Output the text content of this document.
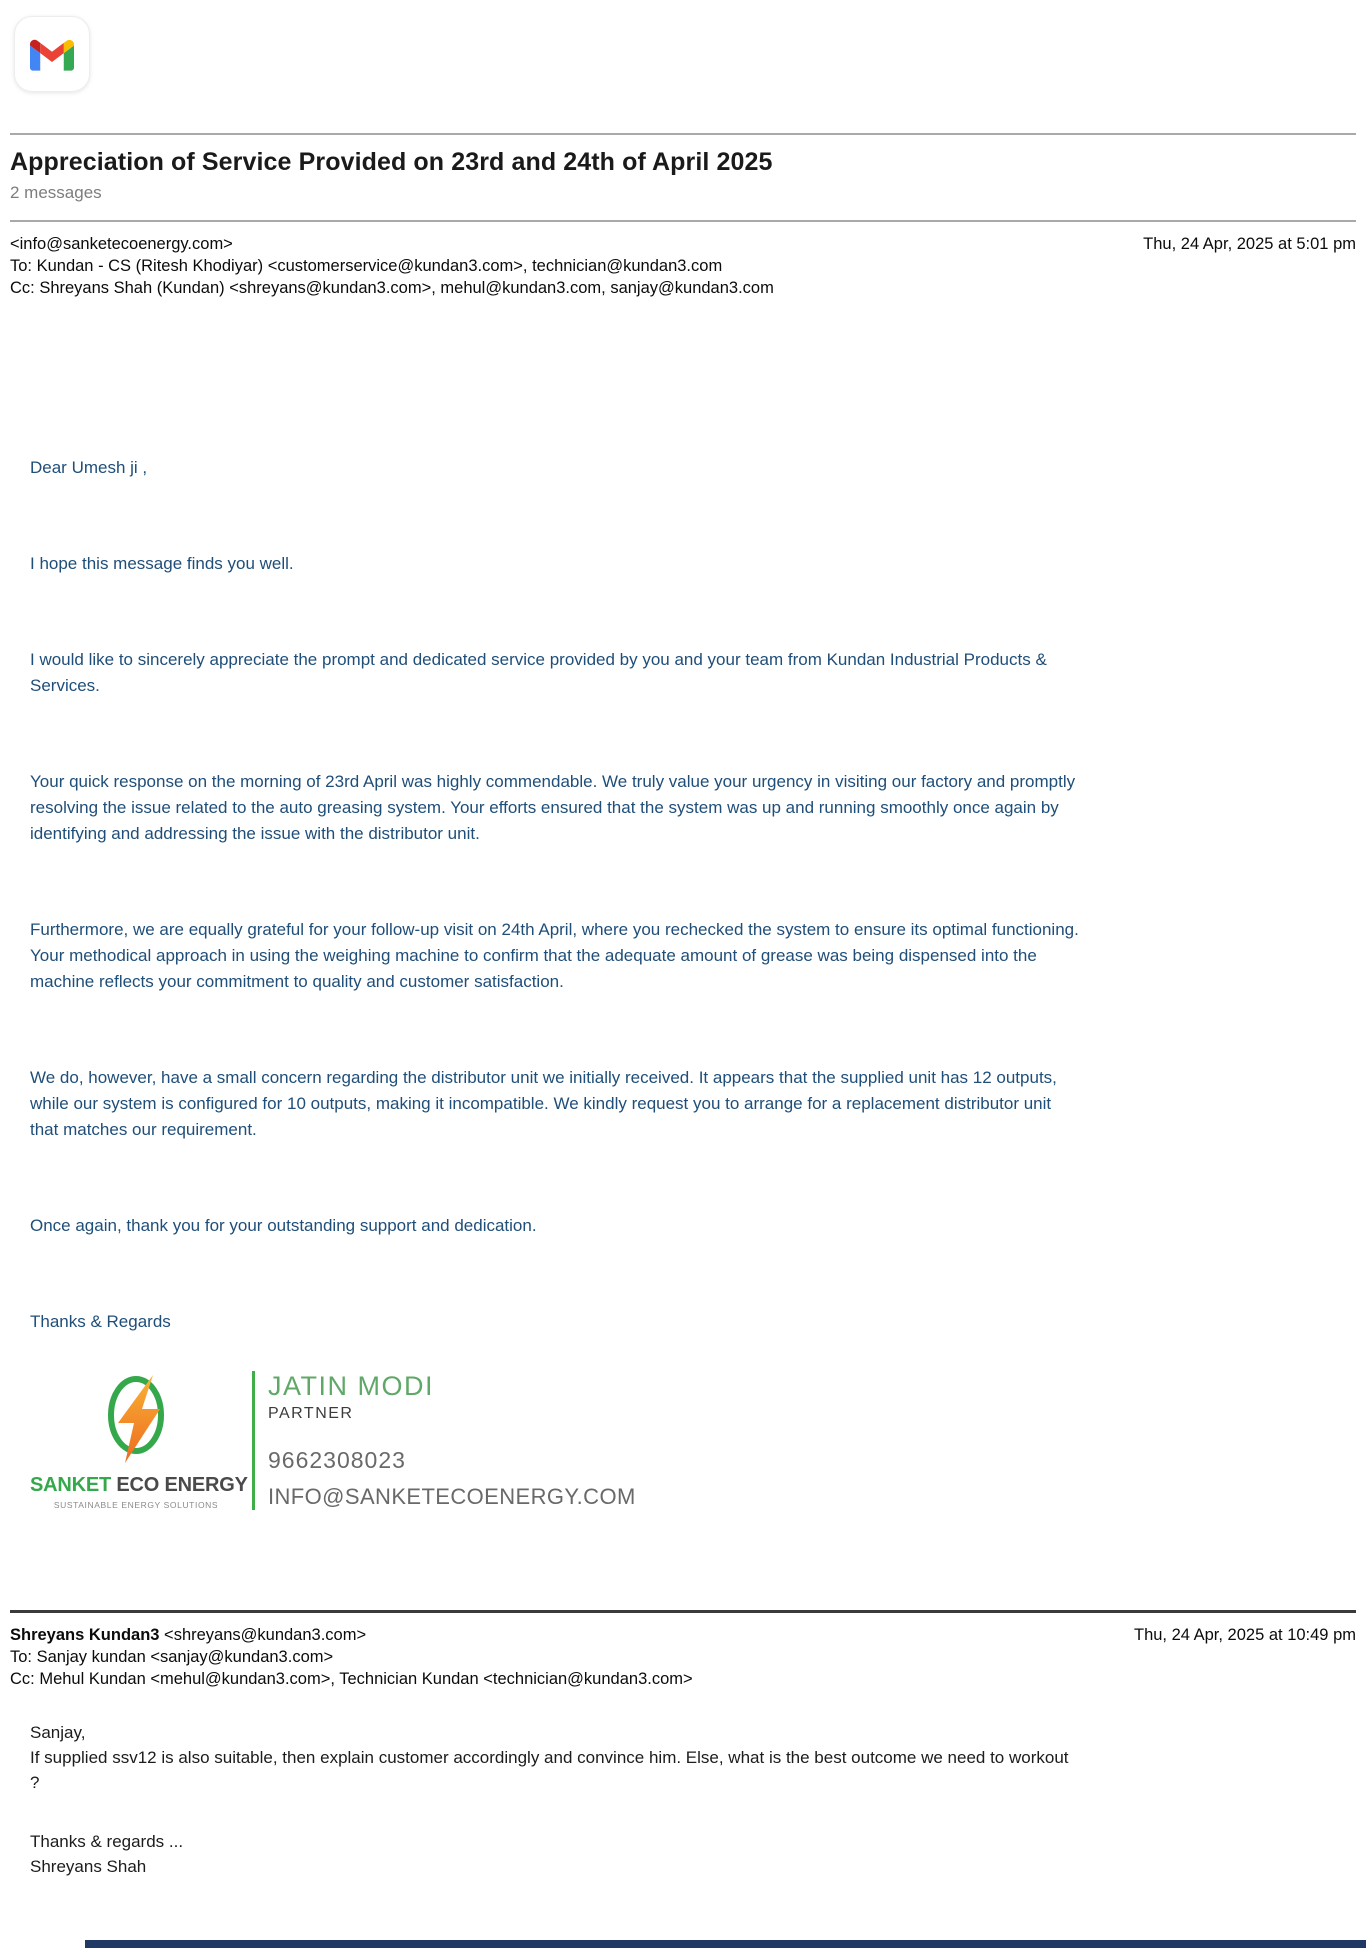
Appreciation of Service Provided on 23rd and 24th of April 2025
2 messages
<info@sanketecoenergy.com>	Thu, 24 Apr, 2025 at 5:01 pm
To: Kundan - CS (Ritesh Khodiyar) <customerservice@kundan3.com>, technician@kundan3.com
Cc: Shreyans Shah (Kundan) <shreyans@kundan3.com>, mehul@kundan3.com, sanjay@kundan3.com

Dear Umesh ji ,

I hope this message finds you well.

I would like to sincerely appreciate the prompt and dedicated service provided by you and your team from Kundan Industrial Products & Services.

Your quick response on the morning of 23rd April was highly commendable. We truly value your urgency in visiting our factory and promptly resolving the issue related to the auto greasing system. Your efforts ensured that the system was up and running smoothly once again by identifying and addressing the issue with the distributor unit.

Furthermore, we are equally grateful for your follow-up visit on 24th April, where you rechecked the system to ensure its optimal functioning. Your methodical approach in using the weighing machine to confirm that the adequate amount of grease was being dispensed into the machine reflects your commitment to quality and customer satisfaction.

We do, however, have a small concern regarding the distributor unit we initially received. It appears that the supplied unit has 12 outputs, while our system is configured for 10 outputs, making it incompatible. We kindly request you to arrange for a replacement distributor unit that matches our requirement.

Once again, thank you for your outstanding support and dedication.

Thanks & Regards

SANKET ECO ENERGY
SUSTAINABLE ENERGY SOLUTIONS
JATIN MODI
PARTNER
9662308023
INFO@SANKETECOENERGY.COM
Shreyans Kundan3 <shreyans@kundan3.com>	Thu, 24 Apr, 2025 at 10:49 pm
To: Sanjay kundan <sanjay@kundan3.com>
Cc: Mehul Kundan <mehul@kundan3.com>, Technician Kundan <technician@kundan3.com>
Sanjay,
If supplied ssv12 is also suitable, then explain customer accordingly and convince him. Else, what is the best outcome we need to workout ?
Thanks & regards ...
Shreyans Shah
